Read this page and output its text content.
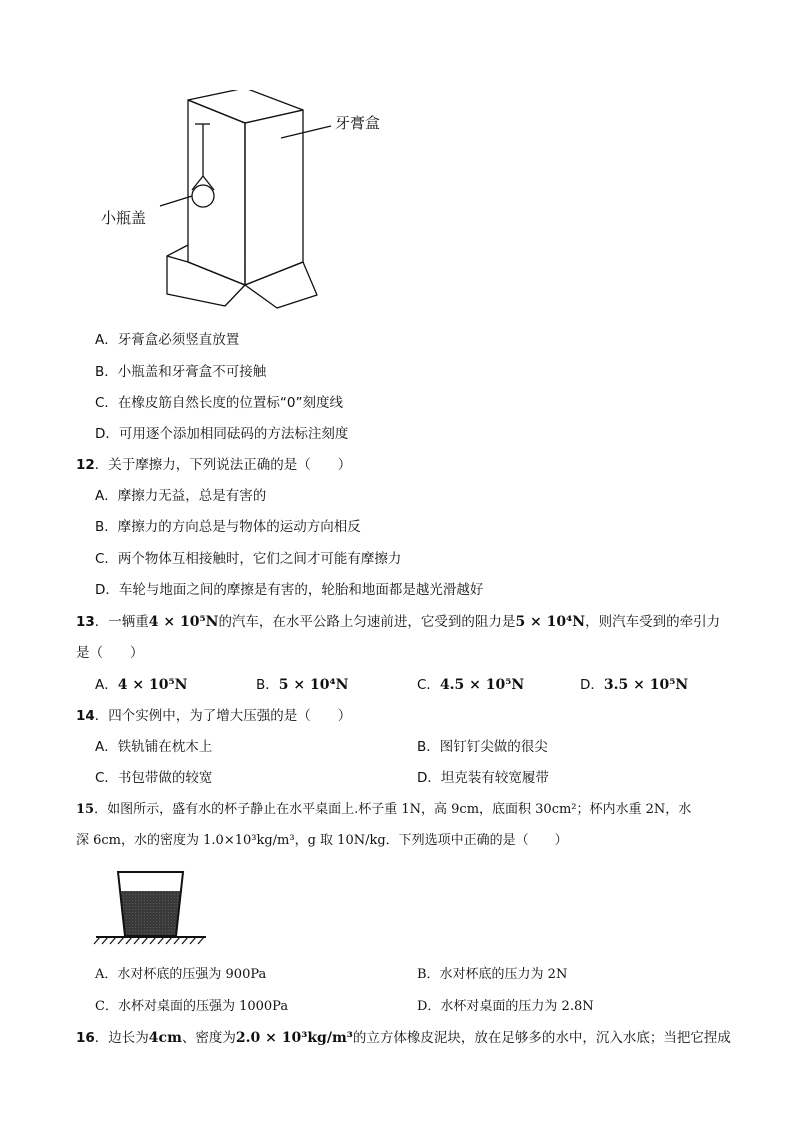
牙膏盒
小瓶盖
A．牙膏盒必须竖直放置
B．小瓶盖和牙膏盒不可接触
C．在橡皮筋自然长度的位置标“0”刻度线
D．可用逐个添加相同砝码的方法标注刻度
12．关于摩擦力，下列说法正确的是（　　）
A．摩擦力无益，总是有害的
B．摩擦力的方向总是与物体的运动方向相反
C．两个物体互相接触时，它们之间才可能有摩擦力
D．车轮与地面之间的摩擦是有害的，轮胎和地面都是越光滑越好
13．一辆重4 × 10⁵N的汽车，在水平公路上匀速前进，它受到的阻力是5 × 10⁴N，则汽车受到的牵引力
是（　　）
A．4 × 10⁵N	B．5 × 10⁴N	C．4.5 × 10⁵N	D．3.5 × 10⁵N
14．四个实例中，为了增大压强的是（　　）
A．铁轨铺在枕木上	B．图钉钉尖做的很尖
C．书包带做的较宽	D．坦克装有较宽履带
15．如图所示，盛有水的杯子静止在水平桌面上.杯子重 1N，高 9cm，底面积 30cm²；杯内水重 2N，水
深 6cm，水的密度为 1.0×10³kg/m³，g 取 10N/kg．下列选项中正确的是（　　）
A．水对杯底的压强为 900Pa	B．水对杯底的压力为 2N
C．水杯对桌面的压强为 1000Pa	D．水杯对桌面的压力为 2.8N
16．边长为4cm、密度为2.0 × 10³kg/m³的立方体橡皮泥块，放在足够多的水中，沉入水底；当把它捏成
